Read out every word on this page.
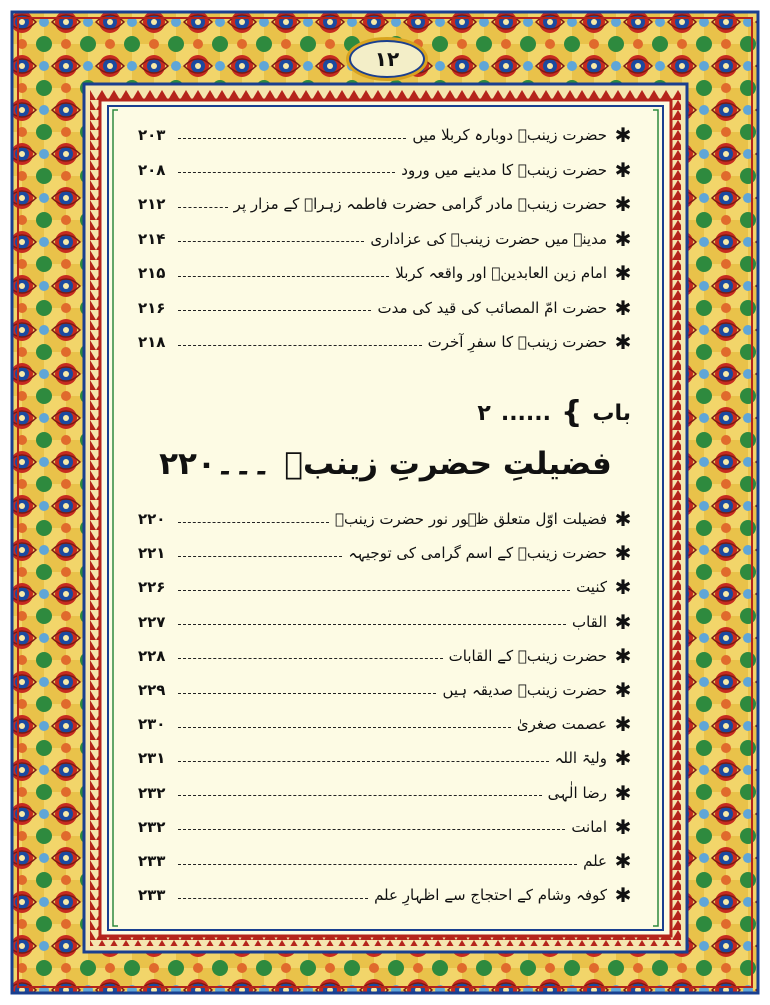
١٢
✱
حضرت زینبؑ دوبارہ کربلا میں
۲۰۳
✱
حضرت زینبؑ کا مدینے میں ورود
۲۰۸
✱
حضرت زینبؑ مادر گرامی حضرت فاطمہ زہراؑ کے مزار پر
۲۱۲
✱
مدینے میں حضرت زینبؑ کی عزاداری
۲۱۴
✱
امام زین العابدینؑ اور واقعہ کربلا
۲۱۵
✱
حضرت امّ المصائب کی قید کی مدت
۲۱۶
✱
حضرت زینبؑ کا سفرِ آخرت
۲۱۸
باب
}
......
۲
فضیلتِ حضرتِ زینبؑ۔۔۔۲۲۰
✱
فضیلت اوّل متعلق ظہور نور حضرت زینبؑ
۲۲۰
✱
حضرت زینبؑ کے اسم گرامی کی توجیہہ
۲۲۱
✱
کنیت
۲۲۶
✱
القاب
۲۲۷
✱
حضرت زینبؑ کے القابات
۲۲۸
✱
حضرت زینبؑ صدیقہ ہیں
۲۲۹
✱
عصمت صغریٰ
۲۳۰
✱
ولیۃ اللہ
۲۳۱
✱
رضا الٰہی
۲۳۲
✱
امانت
۲۳۲
✱
علم
۲۳۳
✱
کوفہ وشام کے احتجاج سے اظہارِ علم
۲۳۳
